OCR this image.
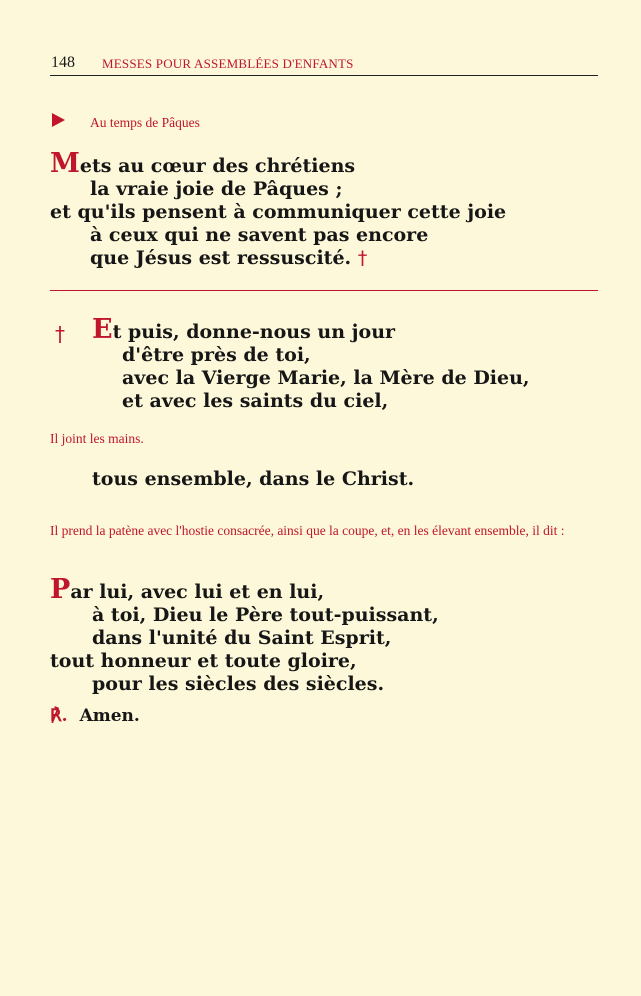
148 MESSES POUR ASSEMBLÉES D'ENFANTS
Au temps de Pâques
Mets au cœur des chrétiens
la vraie joie de Pâques ;
et qu'ils pensent à communiquer cette joie
à ceux qui ne savent pas encore
que Jésus est ressuscité. †
† Et puis, donne-nous un jour
d'être près de toi,
avec la Vierge Marie, la Mère de Dieu,
et avec les saints du ciel,
Il joint les mains.
tous ensemble, dans le Christ.
Il prend la patène avec l'hostie consacrée, ainsi que la coupe, et, en les élevant ensemble, il dit :
Par lui, avec lui et en lui,
à toi, Dieu le Père tout-puissant,
dans l'unité du Saint Esprit,
tout honneur et toute gloire,
pour les siècles des siècles.
℟. Amen.
